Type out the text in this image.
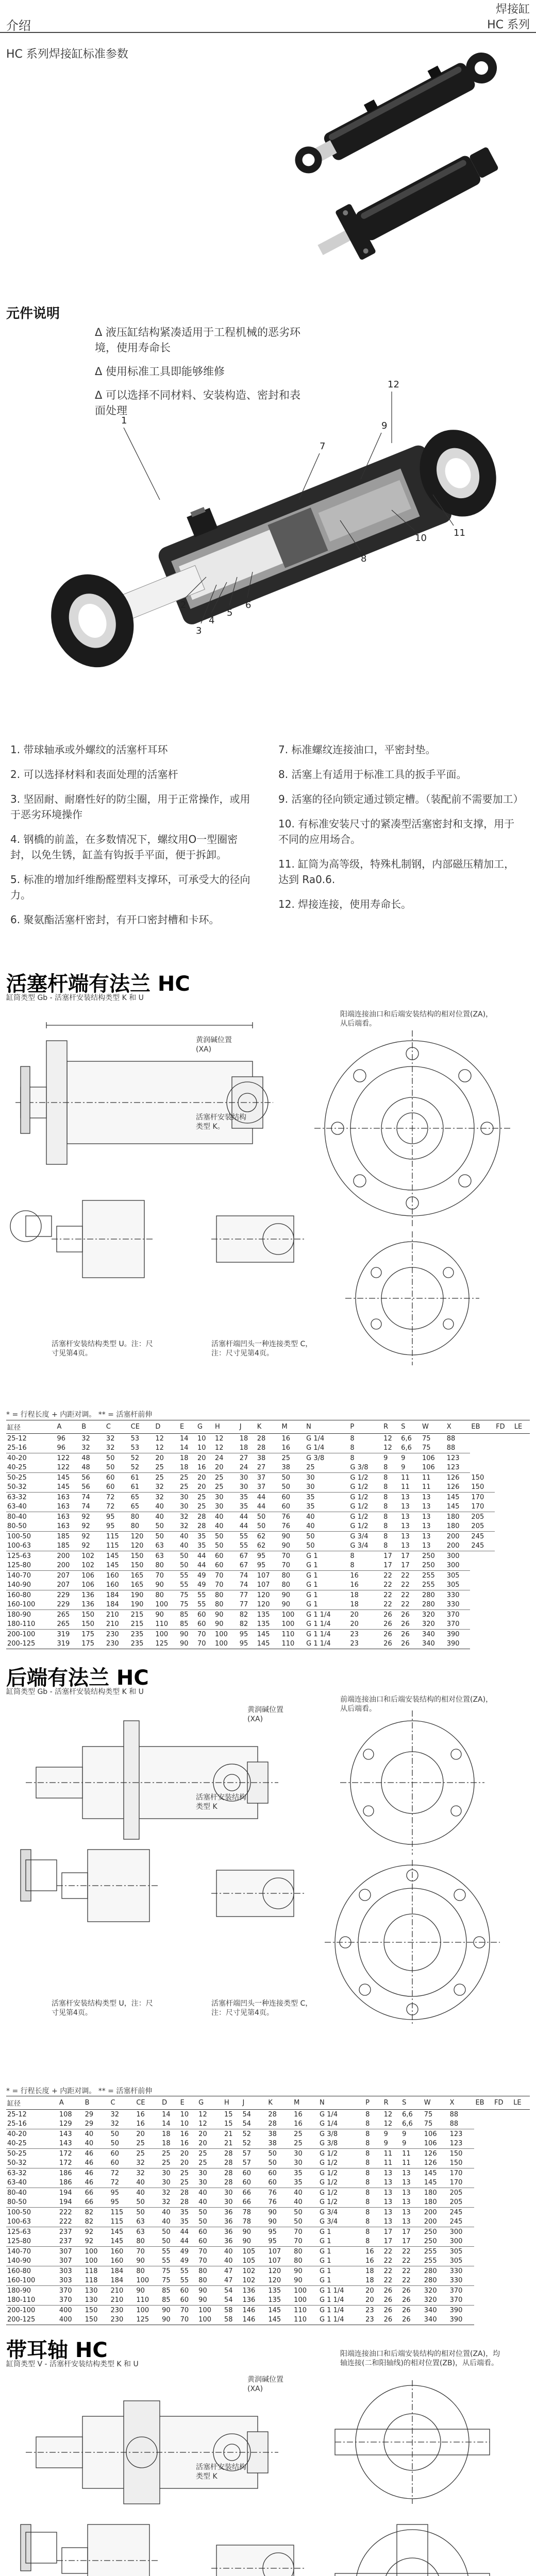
介绍
焊接缸
HC 系列
HC 系列焊接缸标准参数
元件说明
Δ 液压缸结构紧凑适用于工程机械的恶劣环境，使用寿命长
Δ 使用标准工具即能够维修
Δ 可以选择不同材料、安装构造、密封和表面处理
1
2
3
4
5
6
7
8
9
10	11
12
1. 带球轴承或外螺纹的活塞杆耳环
2. 可以选择材料和表面处理的活塞杆
3. 坚固耐、耐磨性好的防尘圈，用于正常操作，或用于恶劣环境操作
4. 钢橋的前盖，在多数情况下，螺纹用O一型圈密封，以免生锈，缸盖有钩扳手平面，便于拆卸。
5. 标准的增加纤维酚醛塑料支撑环，可承受大的径向力。
6. 聚氨酯活塞杆密封，有开口密封槽和卡环。
7. 标准螺纹连接油口，平密封垫。
8. 活塞上有适用于标准工具的扳手平面。
9. 活塞的径向锁定通过锁定槽。（装配前不需要加工）
10. 有标准安装尺寸的紧凑型活塞密封和支撑，用于不同的应用场合。
11. 缸筒为高等级，特殊札制钢，内部磁压精加工，达到 Ra0.6.
12. 焊接连接，使用寿命长。
活塞杆端有法兰 HC
缸筒类型 Gb - 活塞杆安装结构类型 K 和 U
黄润碱位置(XA)
阳端连接油口和后端安装结构的相对位置(ZA)，从后端看。
活塞杆安装结构类型 K。
活塞杆安装结构类型 U。注：尺寸见第4页。
活塞杆端凹头一种连接类型 C，注：尺寸见第4页。
* = 行程长度 + 内距对调。 ** = 活塞杆前伸
缸径	A	B	C	CE	D	E	G	H	J	K	M	N	P	R	S	W	X	EB	FD	LE
25-12	96	32	32	53	12	14	10	12	18	28	16	G 1/4	8	12	6,6	75	88			
25-16	96	32	32	53	12	14	10	12	18	28	16	G 1/4	8	12	6,6	75	88			
40-20	122	48	50	52	20	18	20	24	27	38	25	G 3/8	8	9	9	106	123			
40-25	122	48	50	52	25	18	16	20	24	27	38	25	G 3/8	8	9	106	123			
50-25	145	56	60	61	25	25	20	25	30	37	50	30	G 1/2	8	11	11	126	150		
50-32	145	56	60	61	32	25	20	25	30	37	50	30	G 1/2	8	11	11	126	150		
63-32	163	74	72	65	32	30	25	30	35	44	60	35	G 1/2	8	13	13	145	170		
63-40	163	74	72	65	40	30	25	30	35	44	60	35	G 1/2	8	13	13	145	170		
80-40	163	92	95	80	40	32	28	40	44	50	76	40	G 1/2	8	13	13	180	205		
80-50	163	92	95	80	50	32	28	40	44	50	76	40	G 1/2	8	13	13	180	205		
100-50	185	92	115	120	50	40	35	50	55	62	90	50	G 3/4	8	13	13	200	245		
100-63	185	92	115	120	63	40	35	50	55	62	90	50	G 3/4	8	13	13	200	245		
125-63	200	102	145	150	63	50	44	60	67	95	70	G 1	8	17	17	250	300			
125-80	200	102	145	150	80	50	44	60	67	95	70	G 1	8	17	17	250	300			
140-70	207	106	160	165	70	55	49	70	74	107	80	G 1	16	22	22	255	305			
140-90	207	106	160	165	90	55	49	70	74	107	80	G 1	16	22	22	255	305			
160-80	229	136	184	190	80	75	55	80	77	120	90	G 1	18	22	22	280	330			
160-100	229	136	184	190	100	75	55	80	77	120	90	G 1	18	22	22	280	330			
180-90	265	150	210	215	90	85	60	90	82	135	100	G 1 1/4	20	26	26	320	370			
180-110	265	150	210	215	110	85	60	90	82	135	100	G 1 1/4	20	26	26	320	370			
200-100	319	175	230	235	100	90	70	100	95	145	110	G 1 1/4	23	26	26	340	390			
200-125	319	175	230	235	125	90	70	100	95	145	110	G 1 1/4	23	26	26	340	390			
后端有法兰 HC
缸筒类型 Gb - 活塞杆安装结构类型 K 和 U
黄润碱位置(XA)
前端连接油口和后端安装结构的相对位置(ZA)，从后端看。
活塞杆安装结构类型 K
活塞杆安装结构类型 U，注：尺寸见第4页。
活塞杆端凹头一种连接类型 C，注：尺寸见第4页。
* = 行程长度 + 内距对调。 ** = 活塞杆前伸
缸径	A	B	C	CE	D	E	G	H	J	K	M	N	P	R	S	W	X	EB	FD	LE
25-12	108	29	32	16	14	10	12	15	54	28	16	G 1/4	8	12	6,6	75	88			
25-16	129	29	32	16	14	10	12	15	54	28	16	G 1/4	8	12	6,6	75	88			
40-20	143	40	50	20	18	16	20	21	52	38	25	G 3/8	8	9	9	106	123			
40-25	143	40	50	25	18	16	20	21	52	38	25	G 3/8	8	9	9	106	123			
50-25	172	46	60	25	25	20	25	28	57	50	30	G 1/2	8	11	11	126	150			
50-32	172	46	60	32	25	20	25	28	57	50	30	G 1/2	8	11	11	126	150			
63-32	186	46	72	32	30	25	30	28	60	60	35	G 1/2	8	13	13	145	170			
63-40	186	46	72	40	30	25	30	28	60	60	35	G 1/2	8	13	13	145	170			
80-40	194	66	95	40	32	28	40	30	66	76	40	G 1/2	8	13	13	180	205			
80-50	194	66	95	50	32	28	40	30	66	76	40	G 1/2	8	13	13	180	205			
100-50	222	82	115	50	40	35	50	36	78	90	50	G 3/4	8	13	13	200	245			
100-63	222	82	115	63	40	35	50	36	78	90	50	G 3/4	8	13	13	200	245			
125-63	237	92	145	63	50	44	60	36	90	95	70	G 1	8	17	17	250	300			
125-80	237	92	145	80	50	44	60	36	90	95	70	G 1	8	17	17	250	300			
140-70	307	100	160	70	55	49	70	40	105	107	80	G 1	16	22	22	255	305			
140-90	307	100	160	90	55	49	70	40	105	107	80	G 1	16	22	22	255	305			
160-80	303	118	184	80	75	55	80	47	102	120	90	G 1	18	22	22	280	330			
160-100	303	118	184	100	75	55	80	47	102	120	90	G 1	18	22	22	280	330			
180-90	370	130	210	90	85	60	90	54	136	135	100	G 1 1/4	20	26	26	320	370			
180-110	370	130	210	110	85	60	90	54	136	135	100	G 1 1/4	20	26	26	320	370			
200-100	400	150	230	100	90	70	100	58	146	145	110	G 1 1/4	23	26	26	340	390			
200-125	400	150	230	125	90	70	100	58	146	145	110	G 1 1/4	23	26	26	340	390			
带耳轴 HC
缸筒类型 V - 活塞杆安装结构类型 K 和 U
黄润碱位置(XA)
阳端连接油口和后端安装结构的相对位置(ZA)，均轴连接(二和阳轴线)的相对位置(ZB)，从后端看。
活塞杆安装结构类型 K
